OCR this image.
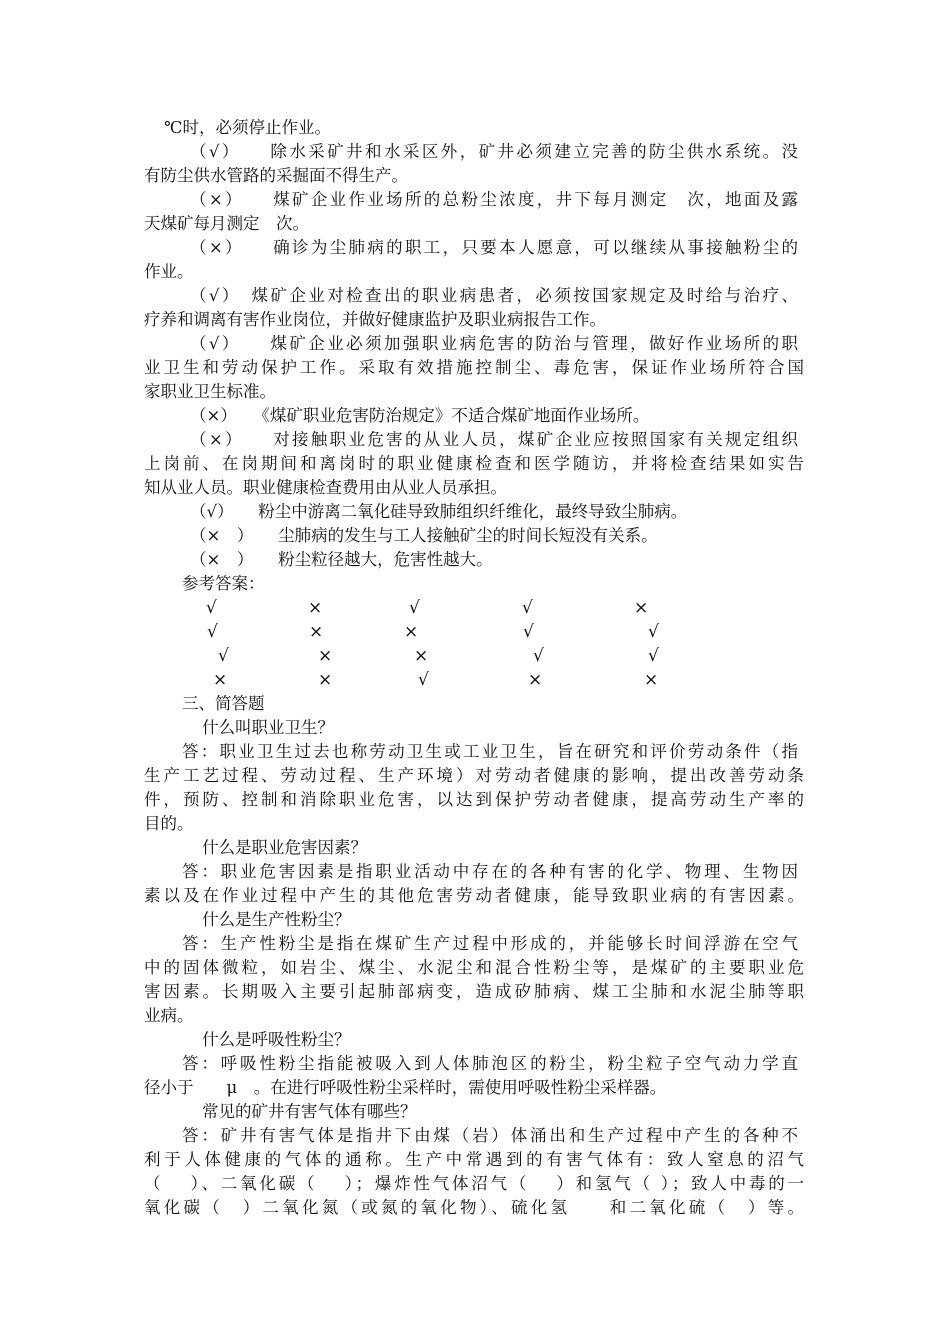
℃时，必须停止作业。
（√）　　除水采矿井和水采区外，矿井必须建立完善的防尘供水系统。没
有防尘供水管路的采掘面不得生产。
（×）　　煤矿企业作业场所的总粉尘浓度，井下每月测定　次，地面及露
天煤矿每月测定　次。
（×）　　确诊为尘肺病的职工，只要本人愿意，可以继续从事接触粉尘的
作业。
（√）　煤矿企业对检查出的职业病患者，必须按国家规定及时给与治疗、
疗养和调离有害作业岗位，并做好健康监护及职业病报告工作。
（√）　　煤矿企业必须加强职业病危害的防治与管理，做好作业场所的职
业卫生和劳动保护工作。采取有效措施控制尘、毒危害，保证作业场所符合国
家职业卫生标准。
（×）　　《煤矿职业危害防治规定》不适合煤矿地面作业场所。
（×）　　对接触职业危害的从业人员，煤矿企业应按照国家有关规定组织
上岗前、在岗期间和离岗时的职业健康检查和医学随访，并将检查结果如实告
知从业人员。职业健康检查费用由从业人员承担。
（√）　　粉尘中游离二氧化硅导致肺组织纤维化，最终导致尘肺病。
（×　）　　尘肺病的发生与工人接触矿尘的时间长短没有关系。
（×　）　　粉尘粒径越大，危害性越大。
参考答案：
√	×	√	√	×
√	×	×	√	√
√	×	×	√	√
×	×	√	×	×
三、简答题
什么叫职业卫生？
答：职业卫生过去也称劳动卫生或工业卫生，旨在研究和评价劳动条件（指
生产工艺过程、劳动过程、生产环境）对劳动者健康的影响，提出改善劳动条
件，预防、控制和消除职业危害，以达到保护劳动者健康，提高劳动生产率的
目的。
什么是职业危害因素？
答：职业危害因素是指职业活动中存在的各种有害的化学、物理、生物因
素以及在作业过程中产生的其他危害劳动者健康，能导致职业病的有害因素。
什么是生产性粉尘？
答：生产性粉尘是指在煤矿生产过程中形成的，并能够长时间浮游在空气
中的固体微粒，如岩尘、煤尘、水泥尘和混合性粉尘等，是煤矿的主要职业危
害因素。长期吸入主要引起肺部病变，造成矽肺病、煤工尘肺和水泥尘肺等职
业病。
什么是呼吸性粉尘？
答：呼吸性粉尘指能被吸入到人体肺泡区的粉尘，粉尘粒子空气动力学直
径小于　　μ　。在进行呼吸性粉尘采样时，需使用呼吸性粉尘采样器。
常见的矿井有害气体有哪些？
答：矿井有害气体是指井下由煤（岩）体涌出和生产过程中产生的各种不
利于人体健康的气体的通称。生产中常遇到的有害气体有：致人窒息的沼气
（　 ）、二氧化碳（　 ）；爆炸性气体沼气（　 ）和氢气（ ）；致人中毒的一
氧化碳（　）二氧化氮（或氮的氧化物）、硫化氢　　和二氧化硫（　）等。
